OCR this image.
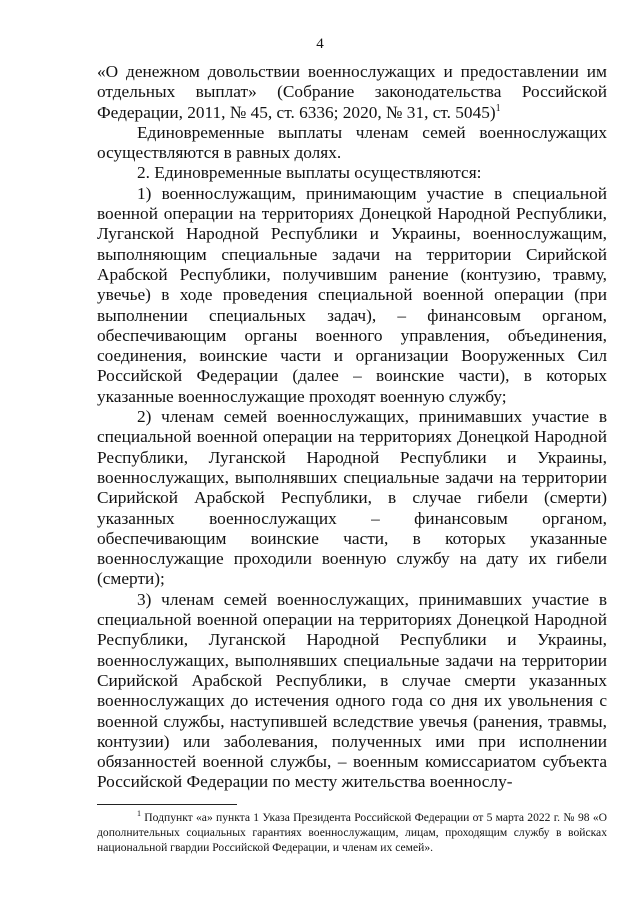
4

«О денежном довольствии военнослужащих и предоставлении им отдельных выплат» (Собрание законодательства Российской Федерации, 2011, № 45, ст. 6336; 2020, № 31, ст. 5045)$^1$

Единовременные выплаты членам семей военнослужащих осуществляются в равных долях.

2. Единовременные выплаты осуществляются:

1) военнослужащим, принимающим участие в специальной военной операции на территориях Донецкой Народной Республики, Луганской Народной Республики и Украины, военнослужащим, выполняющим специальные задачи на территории Сирийской Арабской Республики, получившим ранение (контузию, травму, увечье) в ходе проведения специальной военной операции (при выполнении специальных задач), – финансовым органом, обеспечивающим органы военного управления, объединения, соединения, воинские части и организации Вооруженных Сил Российской Федерации (далее – воинские части), в которых указанные военнослужащие проходят военную службу;

2) членам семей военнослужащих, принимавших участие в специальной военной операции на территориях Донецкой Народной Республики, Луганской Народной Республики и Украины, военнослужащих, выполнявших специальные задачи на территории Сирийской Арабской Республики, в случае гибели (смерти) указанных военнослужащих – финансовым органом, обеспечивающим воинские части, в которых указанные военнослужащие проходили военную службу на дату их гибели (смерти);

3) членам семей военнослужащих, принимавших участие в специальной военной операции на территориях Донецкой Народной Республики, Луганской Народной Республики и Украины, военнослужащих, выполнявших специальные задачи на территории Сирийской Арабской Республики, в случае смерти указанных военнослужащих до истечения одного года со дня их увольнения с военной службы, наступившей вследствие увечья (ранения, травмы, контузии) или заболевания, полученных ими при исполнении обязанностей военной службы, – военным комиссариатом субъекта Российской Федерации по месту жительства военнослу-

$^1$ Подпункт «а» пункта 1 Указа Президента Российской Федерации от 5 марта 2022 г. № 98 «О дополнительных социальных гарантиях военнослужащим, лицам, проходящим службу в войсках национальной гвардии Российской Федерации, и членам их семей».
